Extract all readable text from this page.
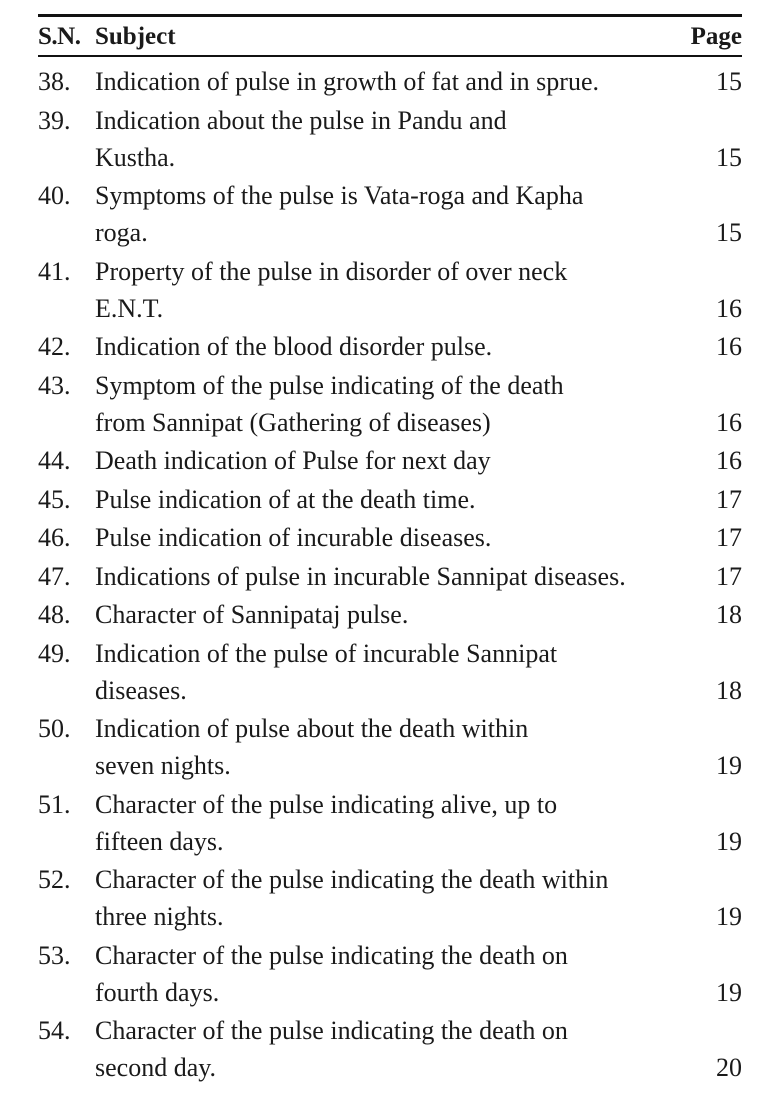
S.N. Subject	Page
38. Indication of pulse in growth of fat and in sprue.	15
39. Indication about the pulse in Pandu and
Kustha.	15
40. Symptoms of the pulse is Vata-roga and Kapha
roga.	15
41. Property of the pulse in disorder of over neck
E.N.T.	16
42. Indication of the blood disorder pulse.	16
43. Symptom of the pulse indicating of the death
from Sannipat (Gathering of diseases)	16
44. Death indication of Pulse for next day	16
45. Pulse indication of at the death time.	17
46. Pulse indication of incurable diseases.	17
47. Indications of pulse in incurable Sannipat diseases.	17
48. Character of Sannipataj pulse.	18
49. Indication of the pulse of incurable Sannipat
diseases.	18
50. Indication of pulse about the death within
seven nights.	19
51. Character of the pulse indicating alive, up to
fifteen days.	19
52. Character of the pulse indicating the death within
three nights.	19
53. Character of the pulse indicating the death on
fourth days.	19
54. Character of the pulse indicating the death on
second day.	20
